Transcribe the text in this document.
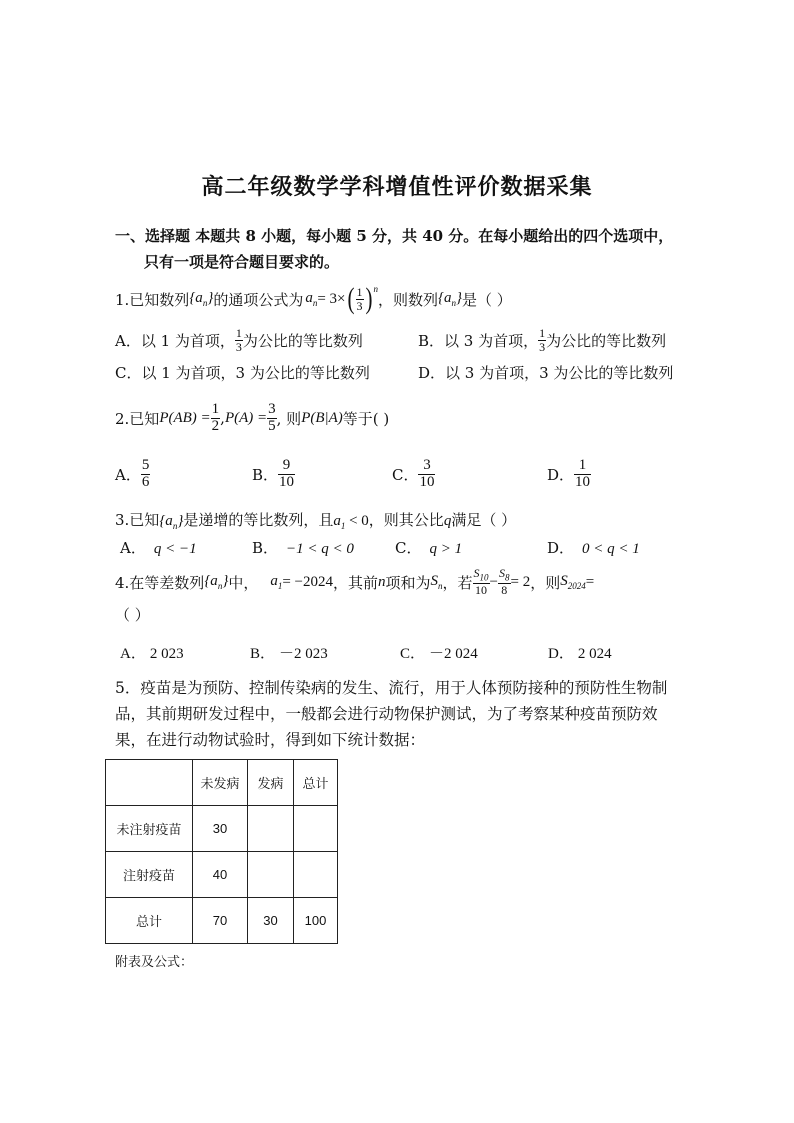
高二年级数学学科增值性评价数据采集
一、选择题 本题共 8 小题，每小题 5 分，共 40 分。在每小题给出的四个选项中，
只有一项是符合题目要求的。
1.已知数列 $\{a_n\}$ 的通项公式为 $a_n = 3\times$ ( $\frac{1}{3}$ ) n
，则数列 $\{a_n\}$ 是（ ）
A．以 1 为首项， $\frac{1}{3}$ 为公比的等比数列	B．以 3 为首项， $\frac{1}{3}$ 为公比的等比数列
C．以 1 为首项，3 为公比的等比数列	D．以 3 为首项，3 为公比的等比数列
2.已知 $P(AB) = \frac{1}{2}$ , $P(A) = \frac{3}{5}$ , 则 P(B|A) 等于( )
A． $\frac{5}{6}$	B． $\frac{9}{10}$	C． $\frac{3}{10}$	D． $\frac{1}{10}$
3.已知$\{a_n\}$是递增的等比数列，且$a_1 < 0$，则其公比q满足（ ）
A． q < −1	B． −1 < q < 0	C． q > 1	D． 0 < q < 1
4.在等差数列 $\{a_n\}$ 中， $a_1 = -2024$ ，其前 n 项和为 $S_n$ ，若 $\frac{S_{10}}{10} - \frac{S_8}{8} = 2$ ，则 $S_{2024}$ =
（ ）
A． 2 023	B． －2 023	C． －2 024	D． 2 024
5．疫苗是为预防、控制传染病的发生、流行，用于人体预防接种的预防性生物制
品，其前期研发过程中，一般都会进行动物保护测试，为了考察某种疫苗预防效
果，在进行动物试验时，得到如下统计数据：
	未发病	发病	总计
未注射疫苗	30		
注射疫苗	40		
总计	70	30	100
附表及公式：
